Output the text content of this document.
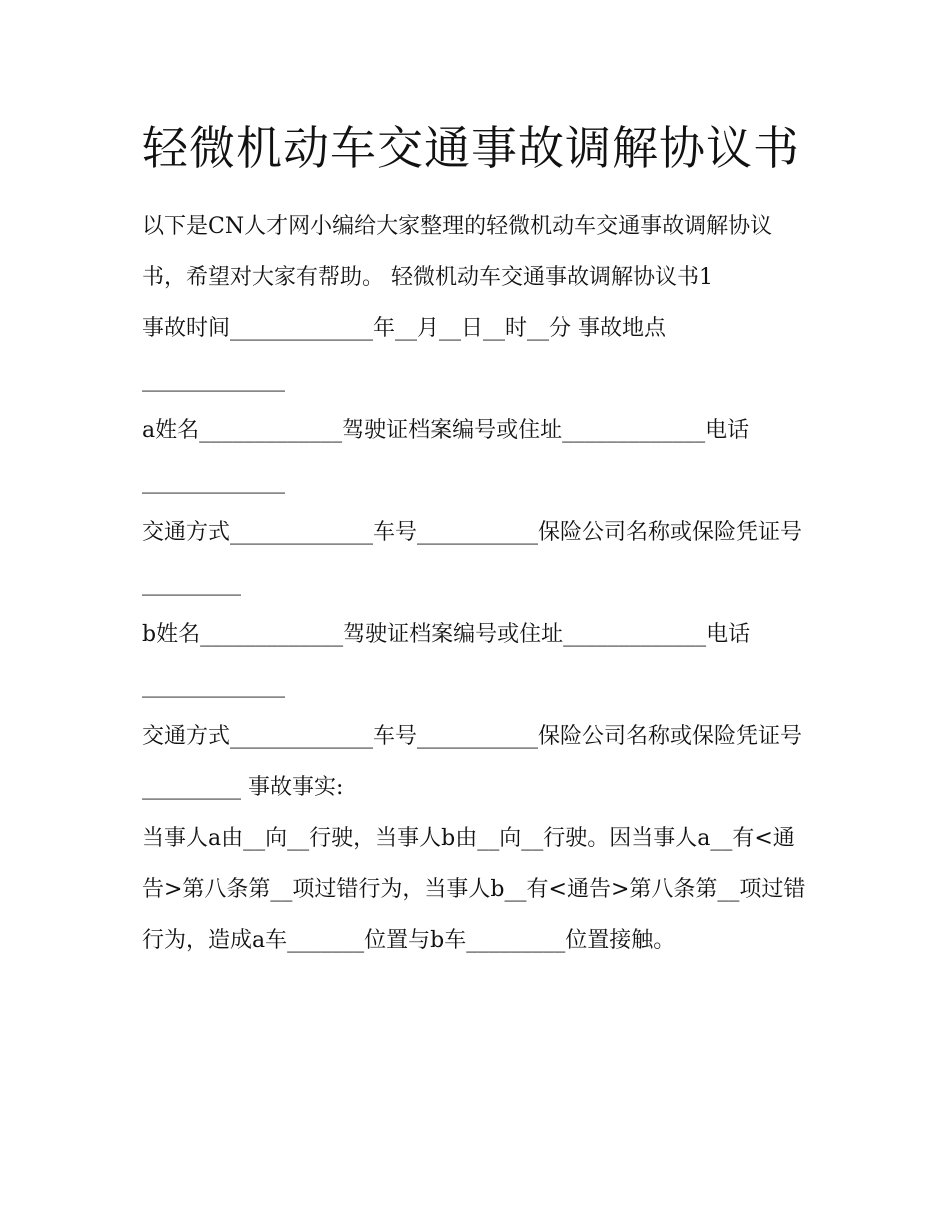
轻微机动车交通事故调解协议书

以下是CN人才网小编给大家整理的轻微机动车交通事故调解协议书，希望对大家有帮助。 轻微机动车交通事故调解协议书1

事故时间_____________年__月__日__时__分 事故地点_____________

a姓名_____________驾驶证档案编号或住址_____________电话_____________

交通方式_____________车号___________保险公司名称或保险凭证号_________

b姓名_____________驾驶证档案编号或住址_____________电话_____________

交通方式_____________车号___________保险公司名称或保险凭证号_________ 事故事实:

当事人a由__向__行驶，当事人b由__向__行驶。因当事人a__有<通告>第八条第__项过错行为，当事人b__有<通告>第八条第__项过错行为，造成a车_______位置与b车_________位置接触。
